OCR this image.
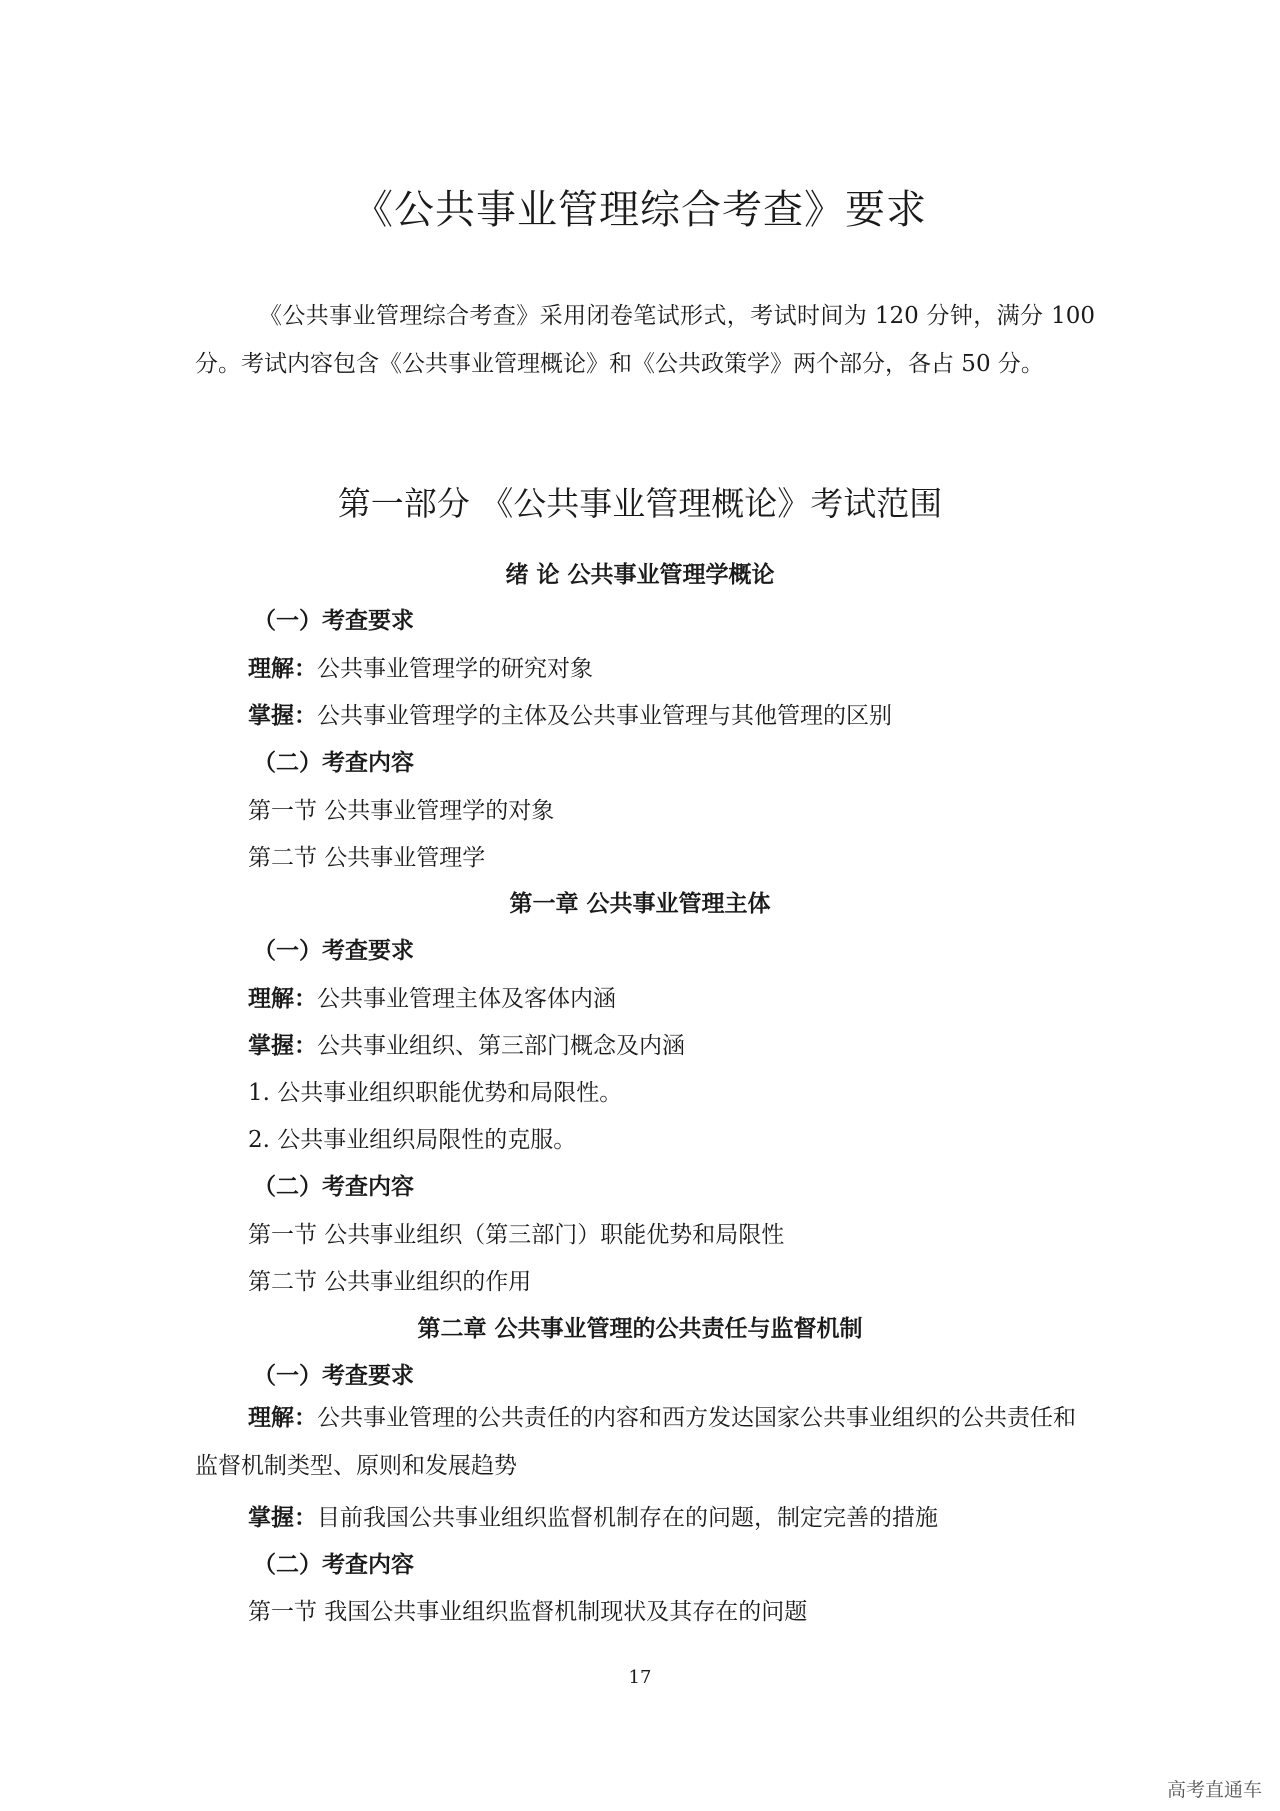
《公共事业管理综合考查》要求

《公共事业管理综合考查》采用闭卷笔试形式，考试时间为 120 分钟，满分 100 分。考试内容包含《公共事业管理概论》和《公共政策学》两个部分，各占 50 分。

第一部分 《公共事业管理概论》考试范围
绪 论 公共事业管理学概论

（一）考查要求

理解：公共事业管理学的研究对象

掌握：公共事业管理学的主体及公共事业管理与其他管理的区别

（二）考查内容

第一节 公共事业管理学的对象

第二节 公共事业管理学

第一章 公共事业管理主体

（一）考查要求

理解：公共事业管理主体及客体内涵

掌握：公共事业组织、第三部门概念及内涵

1. 公共事业组织职能优势和局限性。

2. 公共事业组织局限性的克服。

（二）考查内容

第一节 公共事业组织（第三部门）职能优势和局限性

第二节 公共事业组织的作用

第二章 公共事业管理的公共责任与监督机制

（一）考查要求

理解：公共事业管理的公共责任的内容和西方发达国家公共事业组织的公共责任和监督机制类型、原则和发展趋势

掌握：目前我国公共事业组织监督机制存在的问题，制定完善的措施

（二）考查内容

第一节 我国公共事业组织监督机制现状及其存在的问题

17
高考直通车
